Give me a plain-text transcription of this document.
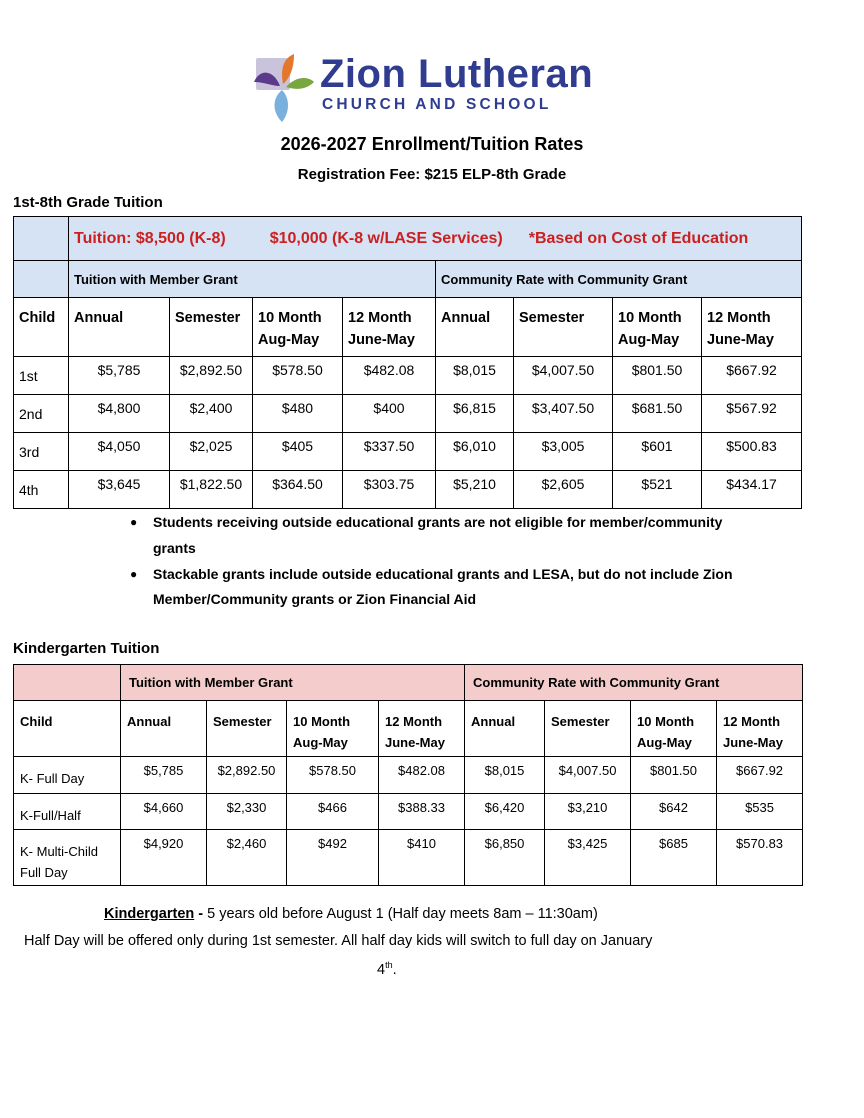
Zion Lutheran
CHURCH AND SCHOOL
2026-2027 Enrollment/Tuition Rates
Registration Fee: $215 ELP-8th Grade
1st-8th Grade Tuition
	Tuition: $8,500 (K-8) $10,000 (K-8 w/LASE Services) *Based on Cost of Education							
	Tuition with Member Grant				Community Rate with Community Grant			
Child	Annual	Semester	10 Month Aug-May	12 Month June-May	Annual	Semester	10 Month Aug-May	12 Month June-May
1st	$5,785	$2,892.50	$578.50	$482.08	$8,015	$4,007.50	$801.50	$667.92
2nd	$4,800	$2,400	$480	$400	$6,815	$3,407.50	$681.50	$567.92
3rd	$4,050	$2,025	$405	$337.50	$6,010	$3,005	$601	$500.83
4th	$3,645	$1,822.50	$364.50	$303.75	$5,210	$2,605	$521	$434.17
● Students receiving outside educational grants are not eligible for member/community grants
● Stackable grants include outside educational grants and LESA, but do not include Zion Member/Community grants or Zion Financial Aid
Kindergarten Tuition
	Tuition with Member Grant				Community Rate with Community Grant			
Child	Annual	Semester	10 Month Aug-May	12 Month June-May	Annual	Semester	10 Month Aug-May	12 Month June-May
K- Full Day	$5,785	$2,892.50	$578.50	$482.08	$8,015	$4,007.50	$801.50	$667.92
K-Full/Half	$4,660	$2,330	$466	$388.33	$6,420	$3,210	$642	$535
K- Multi-Child Full Day	$4,920	$2,460	$492	$410	$6,850	$3,425	$685	$570.83
Kindergarten - 5 years old before August 1 (Half day meets 8am – 11:30am)
Half Day will be offered only during 1st semester. All half day kids will switch to full day on January
4th.
